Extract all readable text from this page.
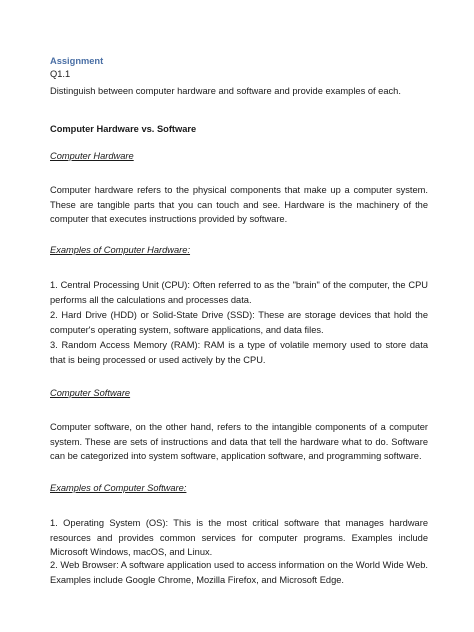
Assignment
Q1.1
Distinguish between computer hardware and software and provide examples of each.
Computer Hardware vs. Software
Computer Hardware
Computer hardware refers to the physical components that make up a computer system. These are tangible parts that you can touch and see. Hardware is the machinery of the computer that executes instructions provided by software.
Examples of Computer Hardware:
1. Central Processing Unit (CPU): Often referred to as the "brain" of the computer, the CPU performs all the calculations and processes data.
2. Hard Drive (HDD) or Solid-State Drive (SSD): These are storage devices that hold the computer's operating system, software applications, and data files.
3. Random Access Memory (RAM): RAM is a type of volatile memory used to store data that is being processed or used actively by the CPU.
Computer Software
Computer software, on the other hand, refers to the intangible components of a computer system. These are sets of instructions and data that tell the hardware what to do. Software can be categorized into system software, application software, and programming software.
Examples of Computer Software:
1. Operating System (OS): This is the most critical software that manages hardware resources and provides common services for computer programs. Examples include Microsoft Windows, macOS, and Linux.
2. Web Browser: A software application used to access information on the World Wide Web. Examples include Google Chrome, Mozilla Firefox, and Microsoft Edge.
